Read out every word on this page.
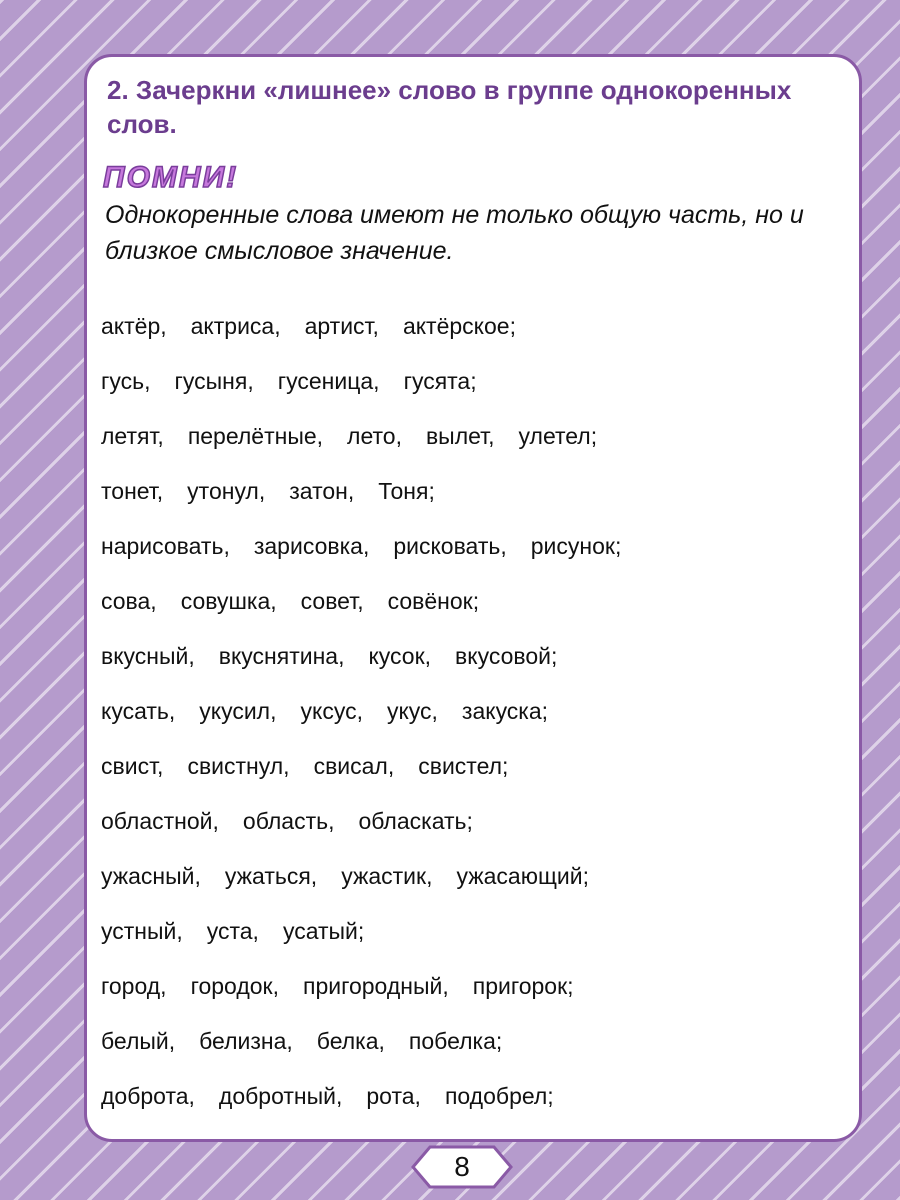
2. Зачеркни «лишнее» слово в группе однокоренных слов.
ПОМНИ!

Однокоренные слова имеют не только общую часть, но и близкое смысловое значение.

актёр, актриса, артист, актёрское;
гусь, гусыня, гусеница, гусята;
летят, перелётные, лето, вылет, улетел;
тонет, утонул, затон, Тоня;
нарисовать, зарисовка, рисковать, рисунок;
сова, совушка, совет, совёнок;
вкусный, вкуснятина, кусок, вкусовой;
кусать, укусил, уксус, укус, закуска;
свист, свистнул, свисал, свистел;
областной, область, обласкать;
ужасный, ужаться, ужастик, ужасающий;
устный, уста, усатый;
город, городок, пригородный, пригорок;
белый, белизна, белка, побелка;
доброта, добротный, рота, подобрел;
8
